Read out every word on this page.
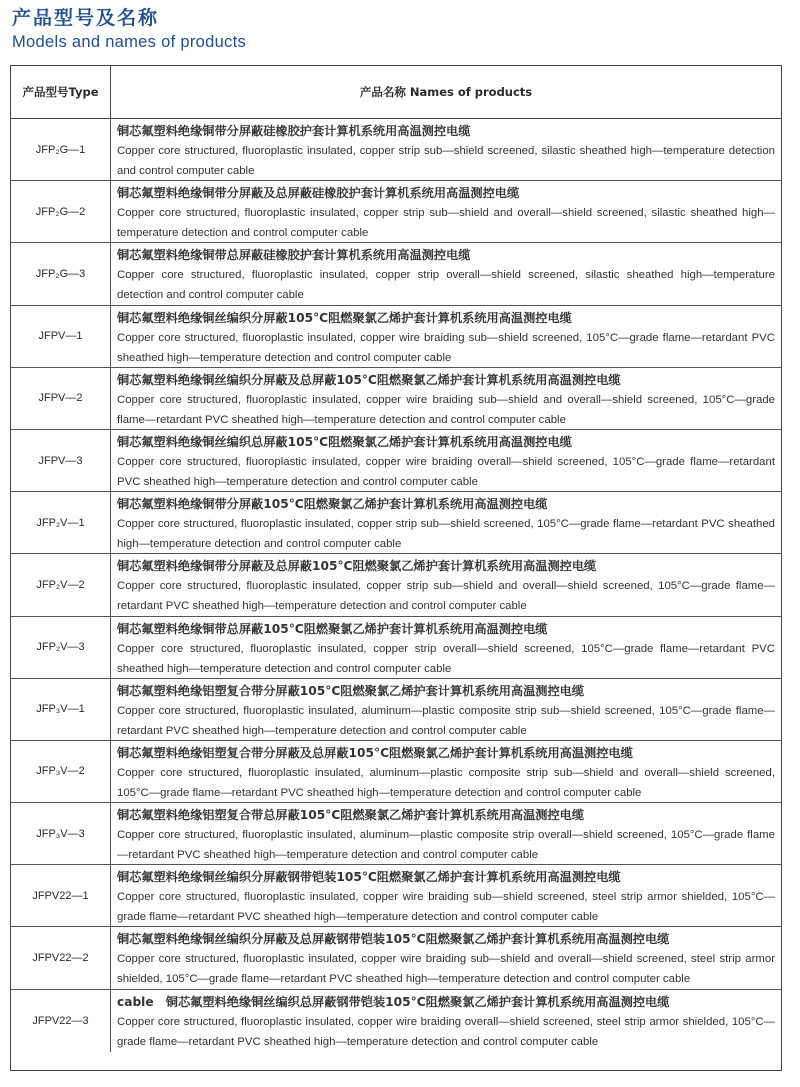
产品型号及名称
Models and names of products
产品型号Type	产品名称 Names of products
JFP₂G—1
铜芯氟塑料绝缘铜带分屏蔽硅橡胶护套计算机系统用高温测控电缆
Copper core structured, fluoroplastic insulated, copper strip sub—shield screened, silastic sheathed high—temperature detection and control computer cable
JFP₂G—2
铜芯氟塑料绝缘铜带分屏蔽及总屏蔽硅橡胶护套计算机系统用高温测控电缆
Copper core structured, fluoroplastic insulated, copper strip sub—shield and overall—shield screened, silastic sheathed high—temperature detection and control computer cable
JFP₂G—3
铜芯氟塑料绝缘铜带总屏蔽硅橡胶护套计算机系统用高温测控电缆
Copper core structured, fluoroplastic insulated, copper strip overall—shield screened, silastic sheathed high—temperature detection and control computer cable
JFPV—1
铜芯氟塑料绝缘铜丝编织分屏蔽105°C阻燃聚氯乙烯护套计算机系统用高温测控电缆
Copper core structured, fluoroplastic insulated, copper wire braiding sub—shield screened, 105°C—grade flame—retardant PVC sheathed high—temperature detection and control computer cable
JFPV—2
铜芯氟塑料绝缘铜丝编织分屏蔽及总屏蔽105°C阻燃聚氯乙烯护套计算机系统用高温测控电缆
Copper core structured, fluoroplastic insulated, copper wire braiding sub—shield and overall—shield screened, 105°C—grade flame—retardant PVC sheathed high—temperature detection and control computer cable
JFPV—3
铜芯氟塑料绝缘铜丝编织总屏蔽105°C阻燃聚氯乙烯护套计算机系统用高温测控电缆
Copper core structured, fluoroplastic insulated, copper wire braiding overall—shield screened, 105°C—grade flame—retardant PVC sheathed high—temperature detection and control computer cable
JFP₂V—1
铜芯氟塑料绝缘铜带分屏蔽105°C阻燃聚氯乙烯护套计算机系统用高温测控电缆
Copper core structured, fluoroplastic insulated, copper strip sub—shield screened, 105°C—grade flame—retardant PVC sheathed high—temperature detection and control computer cable
JFP₂V—2
铜芯氟塑料绝缘铜带分屏蔽及总屏蔽105°C阻燃聚氯乙烯护套计算机系统用高温测控电缆
Copper core structured, fluoroplastic insulated, copper strip sub—shield and overall—shield screened, 105°C—grade flame—retardant PVC sheathed high—temperature detection and control computer cable
JFP₂V—3
铜芯氟塑料绝缘铜带总屏蔽105°C阻燃聚氯乙烯护套计算机系统用高温测控电缆
Copper core structured, fluoroplastic insulated, copper strip overall—shield screened, 105°C—grade flame—retardant PVC sheathed high—temperature detection and control computer cable
JFP₃V—1
铜芯氟塑料绝缘铝塑复合带分屏蔽105°C阻燃聚氯乙烯护套计算机系统用高温测控电缆
Copper core structured, fluoroplastic insulated, aluminum—plastic composite strip sub—shield screened, 105°C—grade flame—retardant PVC sheathed high—temperature detection and control computer cable
JFP₃V—2
铜芯氟塑料绝缘铝塑复合带分屏蔽及总屏蔽105°C阻燃聚氯乙烯护套计算机系统用高温测控电缆
Copper core structured, fluoroplastic insulated, aluminum—plastic composite strip sub—shield and overall—shield screened, 105°C—grade flame—retardant PVC sheathed high—temperature detection and control computer cable
JFP₃V—3
铜芯氟塑料绝缘铝塑复合带总屏蔽105°C阻燃聚氯乙烯护套计算机系统用高温测控电缆
Copper core structured, fluoroplastic insulated, aluminum—plastic composite strip overall—shield screened, 105°C—grade flame—retardant PVC sheathed high—temperature detection and control computer cable
JFPV22—1
铜芯氟塑料绝缘铜丝编织分屏蔽钢带铠装105°C阻燃聚氯乙烯护套计算机系统用高温测控电缆
Copper core structured, fluoroplastic insulated, copper wire braiding sub—shield screened, steel strip armor shielded, 105°C—grade flame—retardant PVC sheathed high—temperature detection and control computer cable
JFPV22—2
铜芯氟塑料绝缘铜丝编织分屏蔽及总屏蔽钢带铠装105°C阻燃聚氯乙烯护套计算机系统用高温测控电缆
Copper core structured, fluoroplastic insulated, copper wire braiding sub—shield and overall—shield screened, steel strip armor shielded, 105°C—grade flame—retardant PVC sheathed high—temperature detection and control computer cable
JFPV22—3
cable　铜芯氟塑料绝缘铜丝编织总屏蔽钢带铠装105°C阻燃聚氯乙烯护套计算机系统用高温测控电缆
Copper core structured, fluoroplastic insulated, copper wire braiding overall—shield screened, steel strip armor shielded, 105°C—grade flame—retardant PVC sheathed high—temperature detection and control computer cable
